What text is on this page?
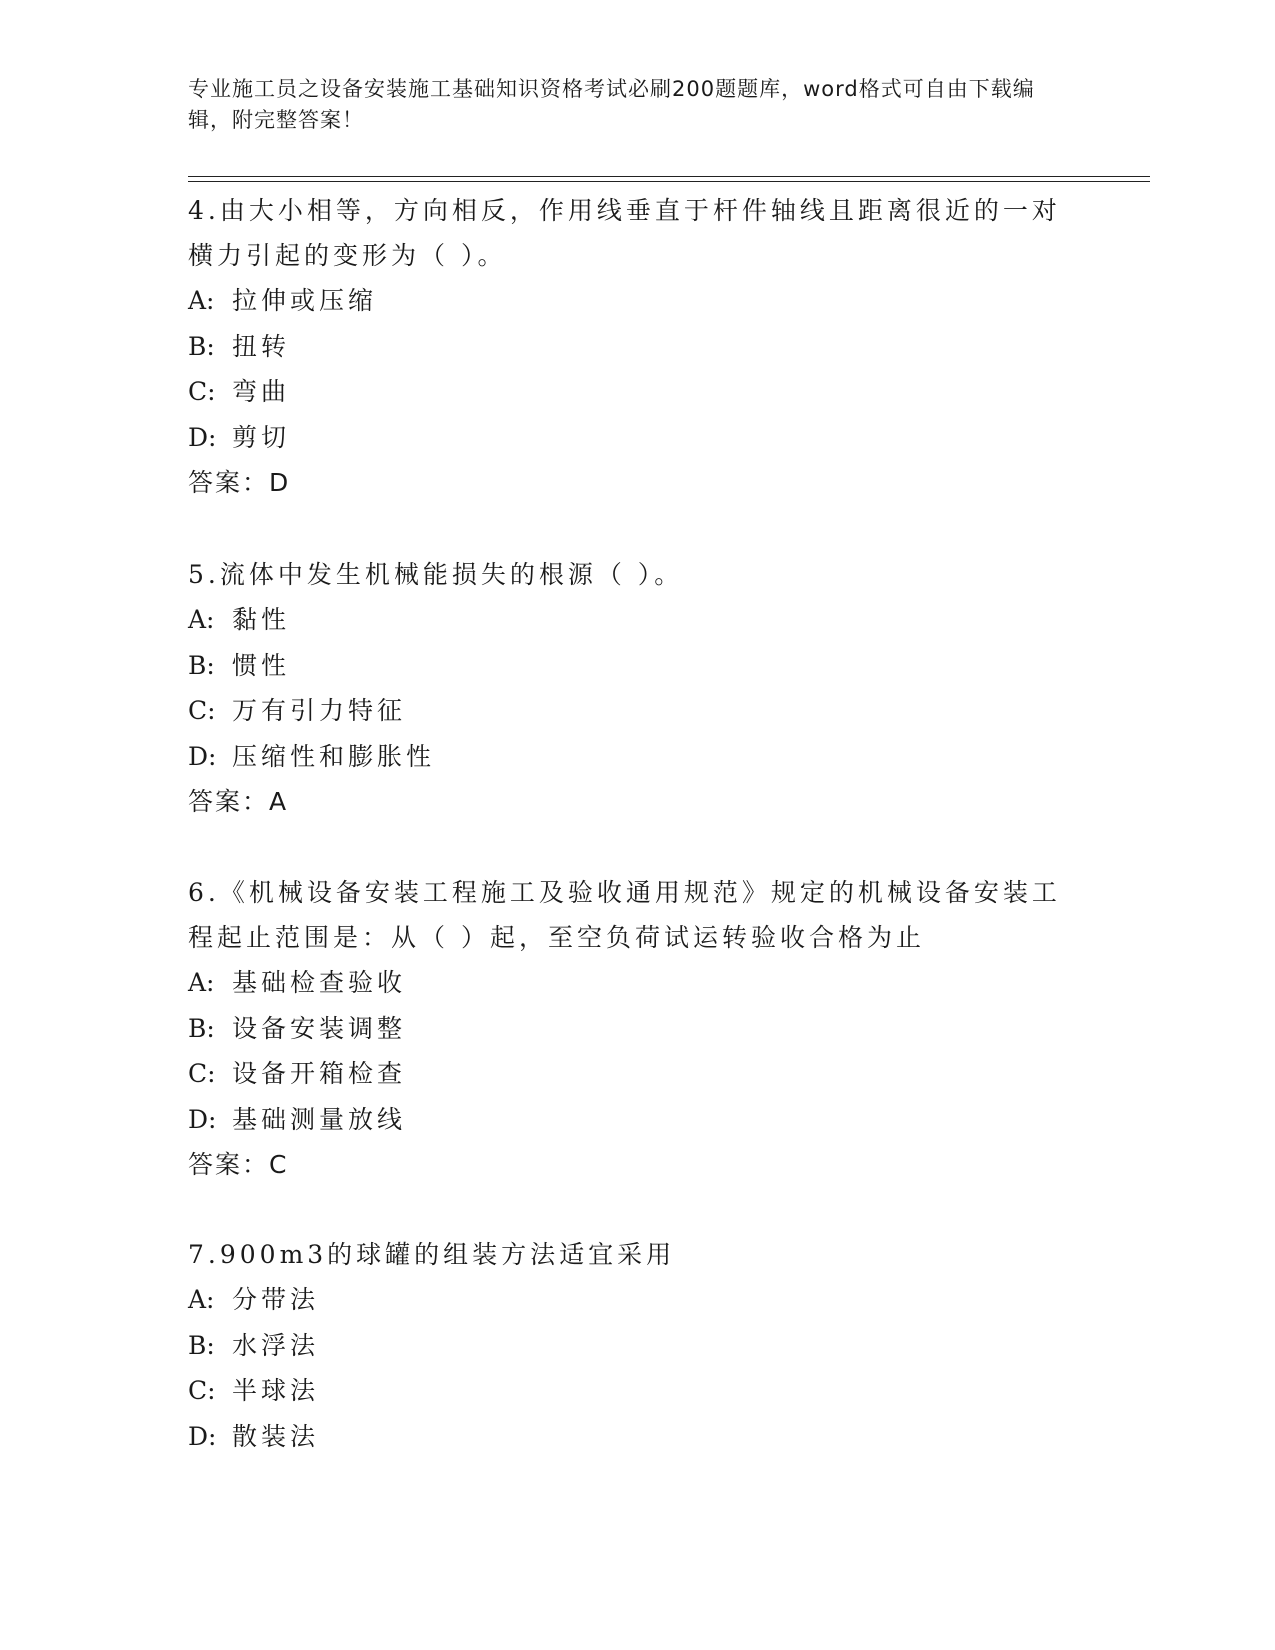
专业施工员之设备安装施工基础知识资格考试必刷200题题库，word格式可自由下载编辑，附完整答案！

4.由大小相等，方向相反，作用线垂直于杆件轴线且距离很近的一对横力引起的变形为（ ）。

A: 拉伸或压缩

B: 扭转

C: 弯曲

D: 剪切

答案：D

5.流体中发生机械能损失的根源（ ）。

A: 黏性

B: 惯性

C: 万有引力特征

D: 压缩性和膨胀性

答案：A

6.《机械设备安装工程施工及验收通用规范》规定的机械设备安装工程起止范围是：从（ ）起，至空负荷试运转验收合格为止

A: 基础检查验收

B: 设备安装调整

C: 设备开箱检查

D: 基础测量放线

答案：C

7.900m3的球罐的组装方法适宜采用

A: 分带法

B: 水浮法

C: 半球法

D: 散装法
